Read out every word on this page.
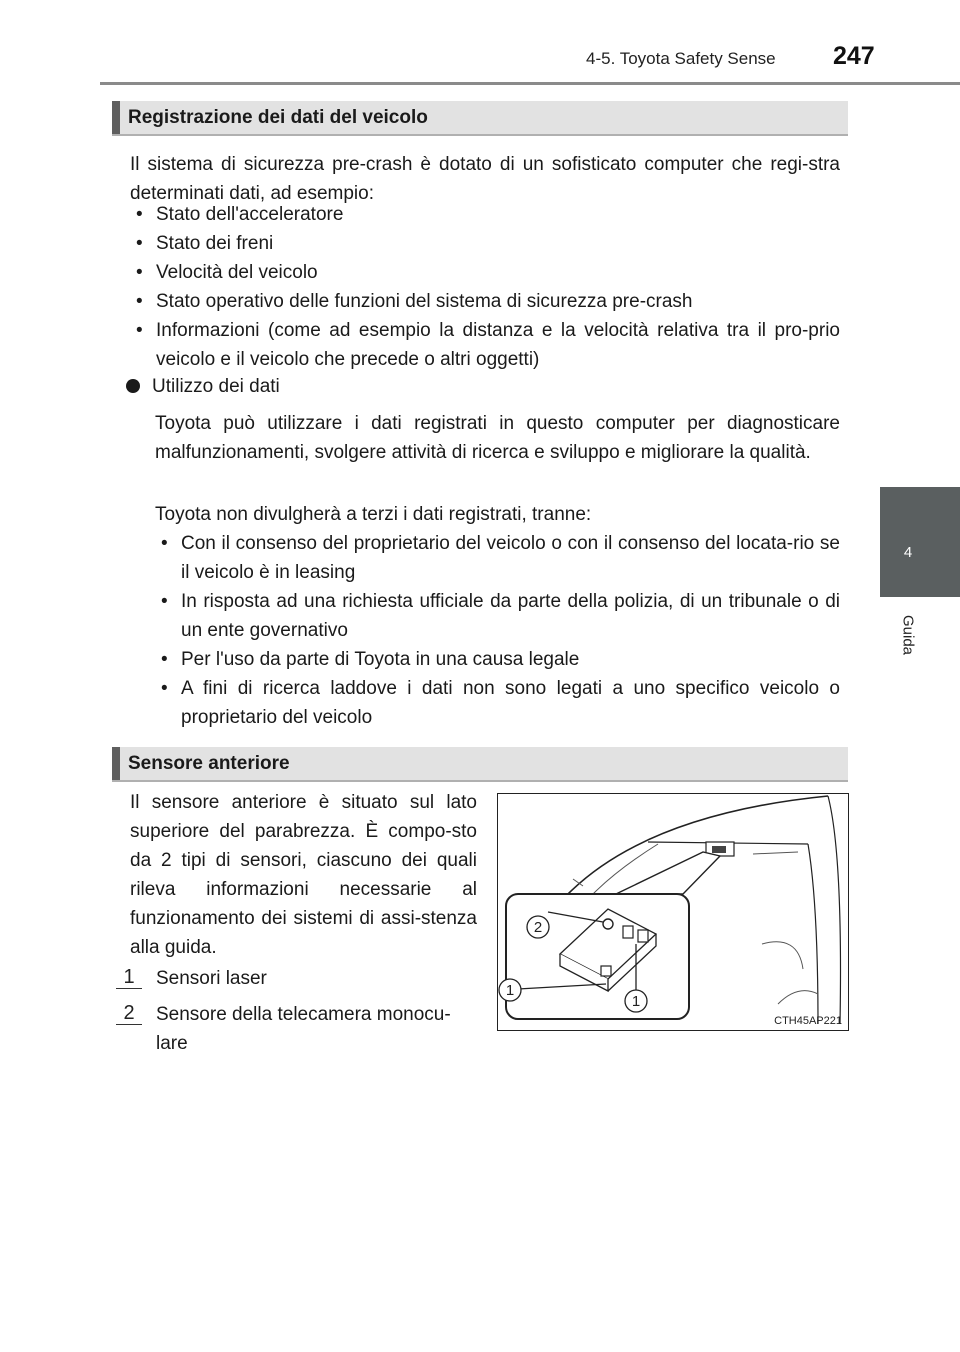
4-5. Toyota Safety Sense 247
4
Guida
Registrazione dei dati del veicolo
Il sistema di sicurezza pre-crash è dotato di un sofisticato computer che regi-stra determinati dati, ad esempio:
• Stato dell'acceleratore
• Stato dei freni
• Velocità del veicolo
• Stato operativo delle funzioni del sistema di sicurezza pre-crash
• Informazioni (come ad esempio la distanza e la velocità relativa tra il pro-prio veicolo e il veicolo che precede o altri oggetti)
Utilizzo dei dati
Toyota può utilizzare i dati registrati in questo computer per diagnosticare malfunzionamenti, svolgere attività di ricerca e sviluppo e migliorare la qualità.
Toyota non divulgherà a terzi i dati registrati, tranne:
• Con il consenso del proprietario del veicolo o con il consenso del locata-rio se il veicolo è in leasing
• In risposta ad una richiesta ufficiale da parte della polizia, di un tribunale o di un ente governativo
• Per l'uso da parte di Toyota in una causa legale
• A fini di ricerca laddove i dati non sono legati a uno specifico veicolo o proprietario del veicolo
Sensore anteriore
Il sensore anteriore è situato sul lato superiore del parabrezza. È compo-sto da 2 tipi di sensori, ciascuno dei quali rileva informazioni necessarie al funzionamento dei sistemi di assi-stenza alla guida.
1	Sensori laser
2	Sensore della telecamera monocu-lare
2
1
1
CTH45AP221
